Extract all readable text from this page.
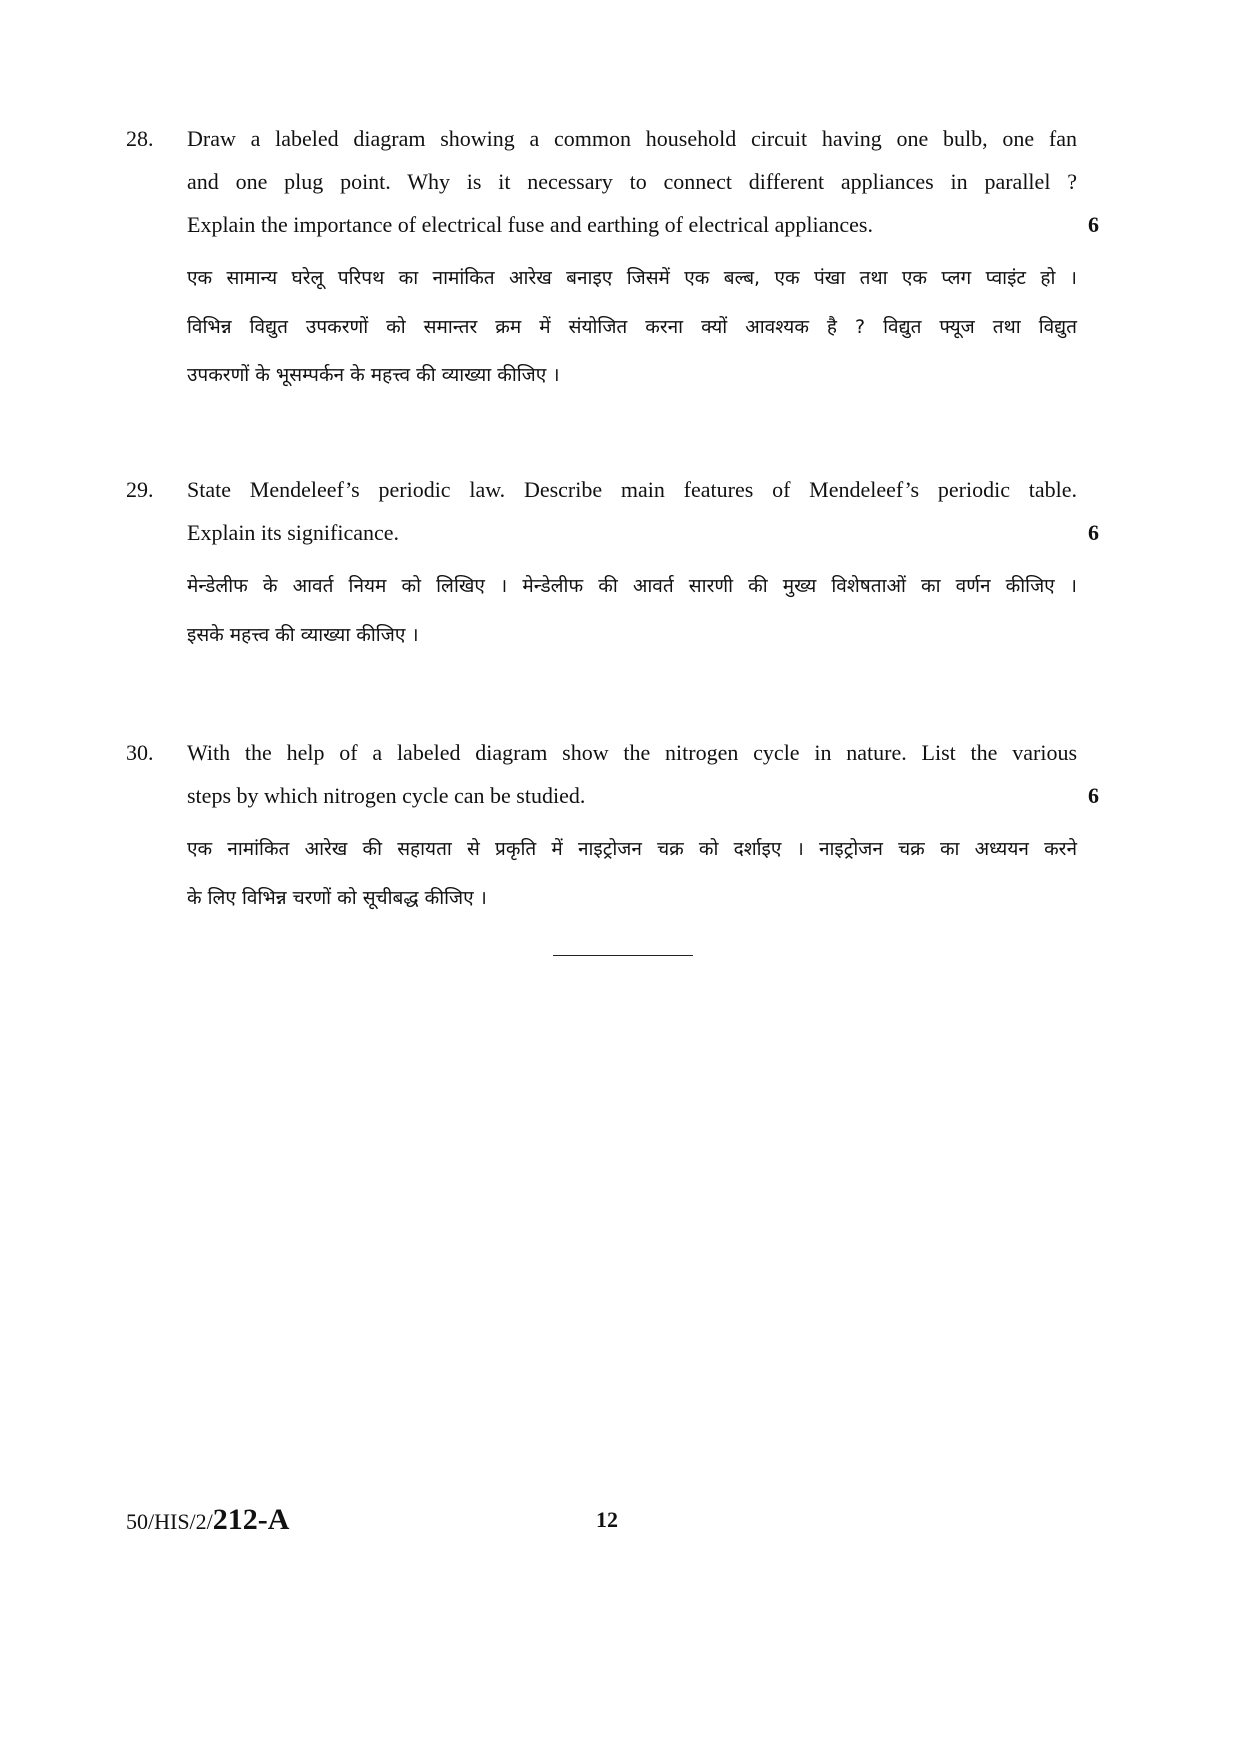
28. Draw a labeled diagram showing a common household circuit having one bulb, one fan
and one plug point. Why is it necessary to connect different appliances in parallel ?
Explain the importance of electrical fuse and earthing of electrical appliances.	6
एक सामान्य घरेलू परिपथ का नामांकित आरेख बनाइए जिसमें एक बल्ब, एक पंखा तथा एक प्लग प्वाइंट हो ।
विभिन्न विद्युत उपकरणों को समान्तर क्रम में संयोजित करना क्यों आवश्यक है ? विद्युत फ्यूज तथा विद्युत
उपकरणों के भूसम्पर्कन के महत्त्व की व्याख्या कीजिए ।
29. State Mendeleef’s periodic law. Describe main features of Mendeleef’s periodic table.
Explain its significance.	6
मेन्डेलीफ के आवर्त नियम को लिखिए । मेन्डेलीफ की आवर्त सारणी की मुख्य विशेषताओं का वर्णन कीजिए ।
इसके महत्त्व की व्याख्या कीजिए ।
30. With the help of a labeled diagram show the nitrogen cycle in nature. List the various
steps by which nitrogen cycle can be studied.	6
एक नामांकित आरेख की सहायता से प्रकृति में नाइट्रोजन चक्र को दर्शाइए । नाइट्रोजन चक्र का अध्ययन करने
के लिए विभिन्न चरणों को सूचीबद्ध कीजिए ।
50/HIS/2/212-A	12
